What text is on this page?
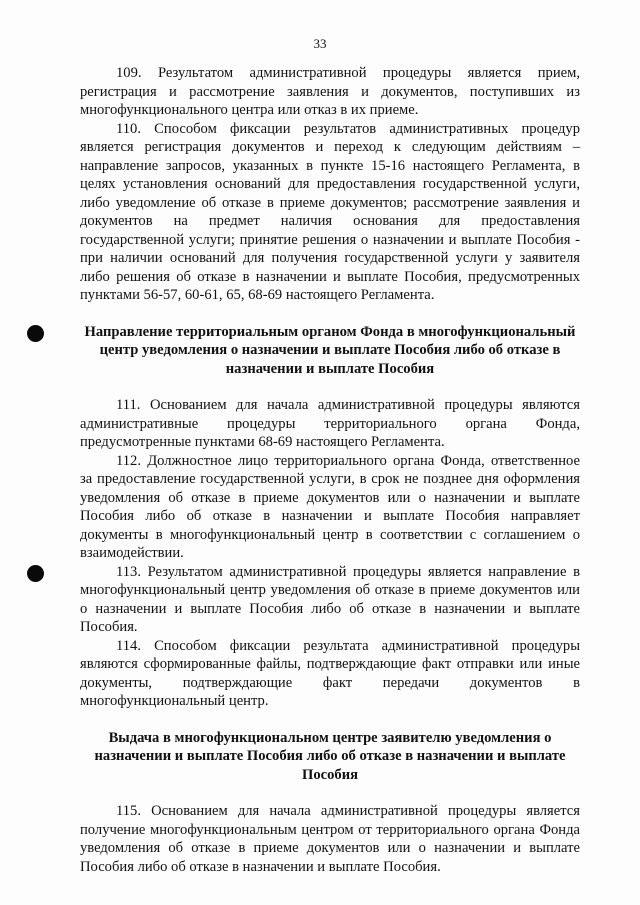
33

109. Результатом административной процедуры является прием, регистрация и рассмотрение заявления и документов, поступивших из многофункционального центра или отказ в их приеме.

110. Способом фиксации результатов административных процедур является регистрация документов и переход к следующим действиям – направление запросов, указанных в пункте 15-16 настоящего Регламента, в целях установления оснований для предоставления государственной услуги, либо уведомление об отказе в приеме документов; рассмотрение заявления и документов на предмет наличия основания для предоставления государственной услуги; принятие решения о назначении и выплате Пособия - при наличии оснований для получения государственной услуги у заявителя либо решения об отказе в назначении и выплате Пособия, предусмотренных пунктами 56-57, 60-61, 65, 68-69 настоящего Регламента.

Направление территориальным органом Фонда в многофункциональный центр уведомления о назначении и выплате Пособия либо об отказе в назначении и выплате Пособия

111. Основанием для начала административной процедуры являются административные процедуры территориального органа Фонда, предусмотренные пунктами 68-69 настоящего Регламента.

112. Должностное лицо территориального органа Фонда, ответственное за предоставление государственной услуги, в срок не позднее дня оформления уведомления об отказе в приеме документов или о назначении и выплате Пособия либо об отказе в назначении и выплате Пособия направляет документы в многофункциональный центр в соответствии с соглашением о взаимодействии.

113. Результатом административной процедуры является направление в многофункциональный центр уведомления об отказе в приеме документов или о назначении и выплате Пособия либо об отказе в назначении и выплате Пособия.

114. Способом фиксации результата административной процедуры являются сформированные файлы, подтверждающие факт отправки или иные документы, подтверждающие факт передачи документов в многофункциональный центр.

Выдача в многофункциональном центре заявителю уведомления о назначении и выплате Пособия либо об отказе в назначении и выплате Пособия

115. Основанием для начала административной процедуры является получение многофункциональным центром от территориального органа Фонда уведомления об отказе в приеме документов или о назначении и выплате Пособия либо об отказе в назначении и выплате Пособия.
